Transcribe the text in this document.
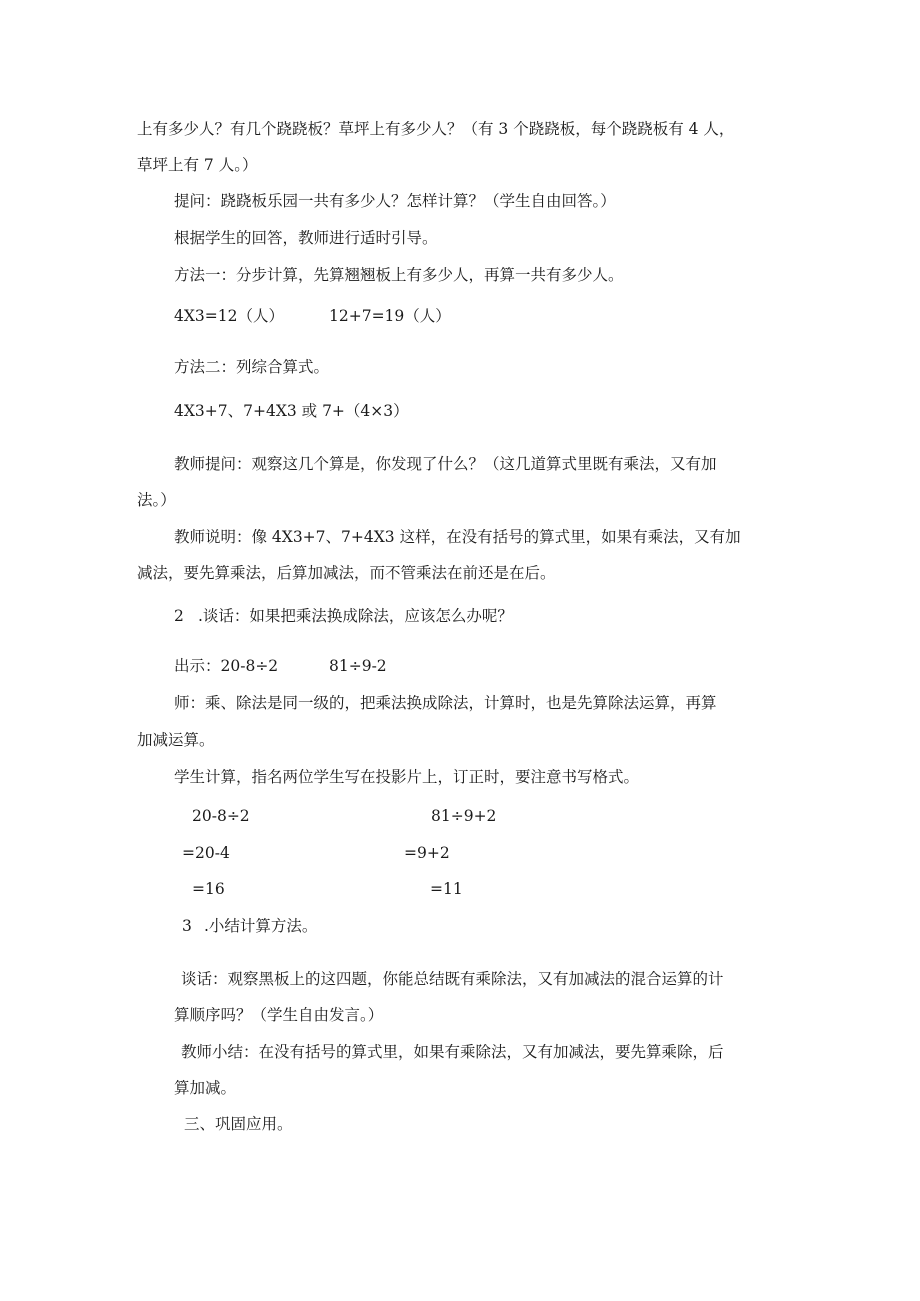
上有多少人？有几个跷跷板？草坪上有多少人？（有 3 个跷跷板，每个跷跷板有 4 人，

草坪上有 7 人。）

提问：跷跷板乐园一共有多少人？怎样计算？（学生自由回答。）

根据学生的回答，教师进行适时引导。

方法一：分步计算，先算翘翘板上有多少人，再算一共有多少人。

4X3=12（人）	12+7=19（人）

方法二：列综合算式。

4X3+7、7+4X3 或 7+（4×3）

教师提问：观察这几个算是，你发现了什么？（这几道算式里既有乘法，又有加

法。）

教师说明：像 4X3+7、7+4X3 这样，在没有括号的算式里，如果有乘法，又有加

减法，要先算乘法，后算加减法，而不管乘法在前还是在后。

2 .谈话：如果把乘法换成除法，应该怎么办呢？

出示：20-8÷2	81÷9-2

师：乘、除法是同一级的，把乘法换成除法，计算时，也是先算除法运算，再算

加减运算。

学生计算，指名两位学生写在投影片上，订正时，要注意书写格式。

20-8÷2	81÷9+2

=20-4	=9+2

=16	=11

3 .小结计算方法。

谈话：观察黑板上的这四题，你能总结既有乘除法，又有加减法的混合运算的计

算顺序吗？（学生自由发言。）

教师小结：在没有括号的算式里，如果有乘除法，又有加减法，要先算乘除，后

算加减。

三、巩固应用。
